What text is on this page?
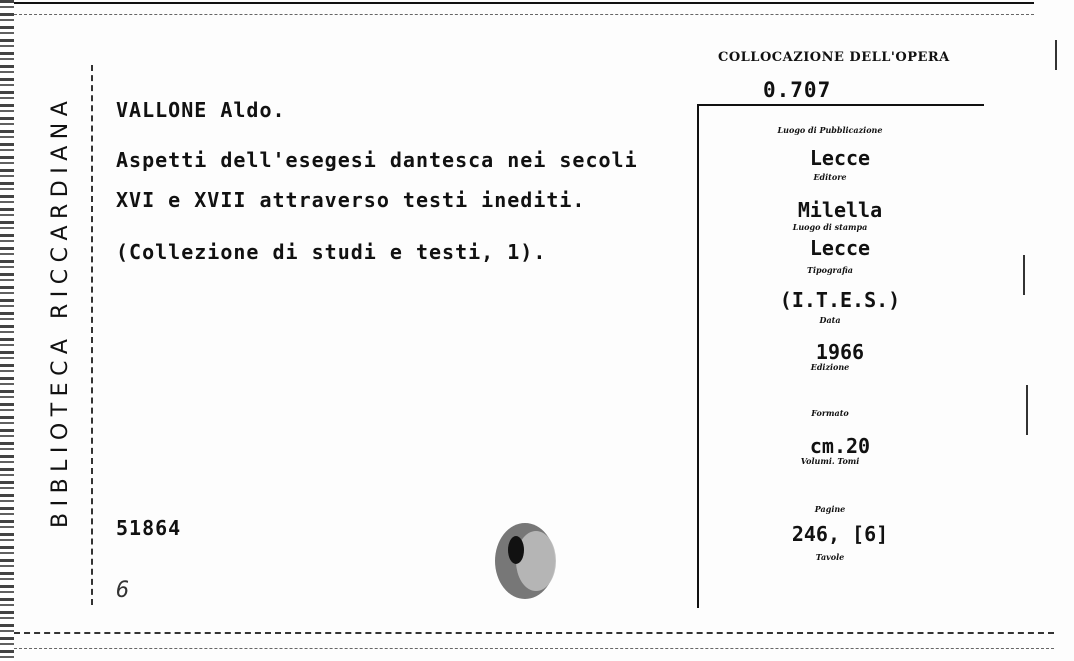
BIBLIOTECA RICCARDIANA	VALLONE Aldo.
Aspetti dell'esegesi dantesca nei secoli
XVI e XVII attraverso testi inediti.
(Collezione di studi e testi, 1).
51864
6
COLLOCAZIONE DELL'OPERA
0.707
Luogo di Pubblicazione
Lecce
Editore
Milella
Luogo di stampa
Lecce
Tipografia
(I.T.E.S.)
Data
1966
Edizione
Formato
cm.20
Volumi. Tomi
Pagine
246, [6]
Tavole
